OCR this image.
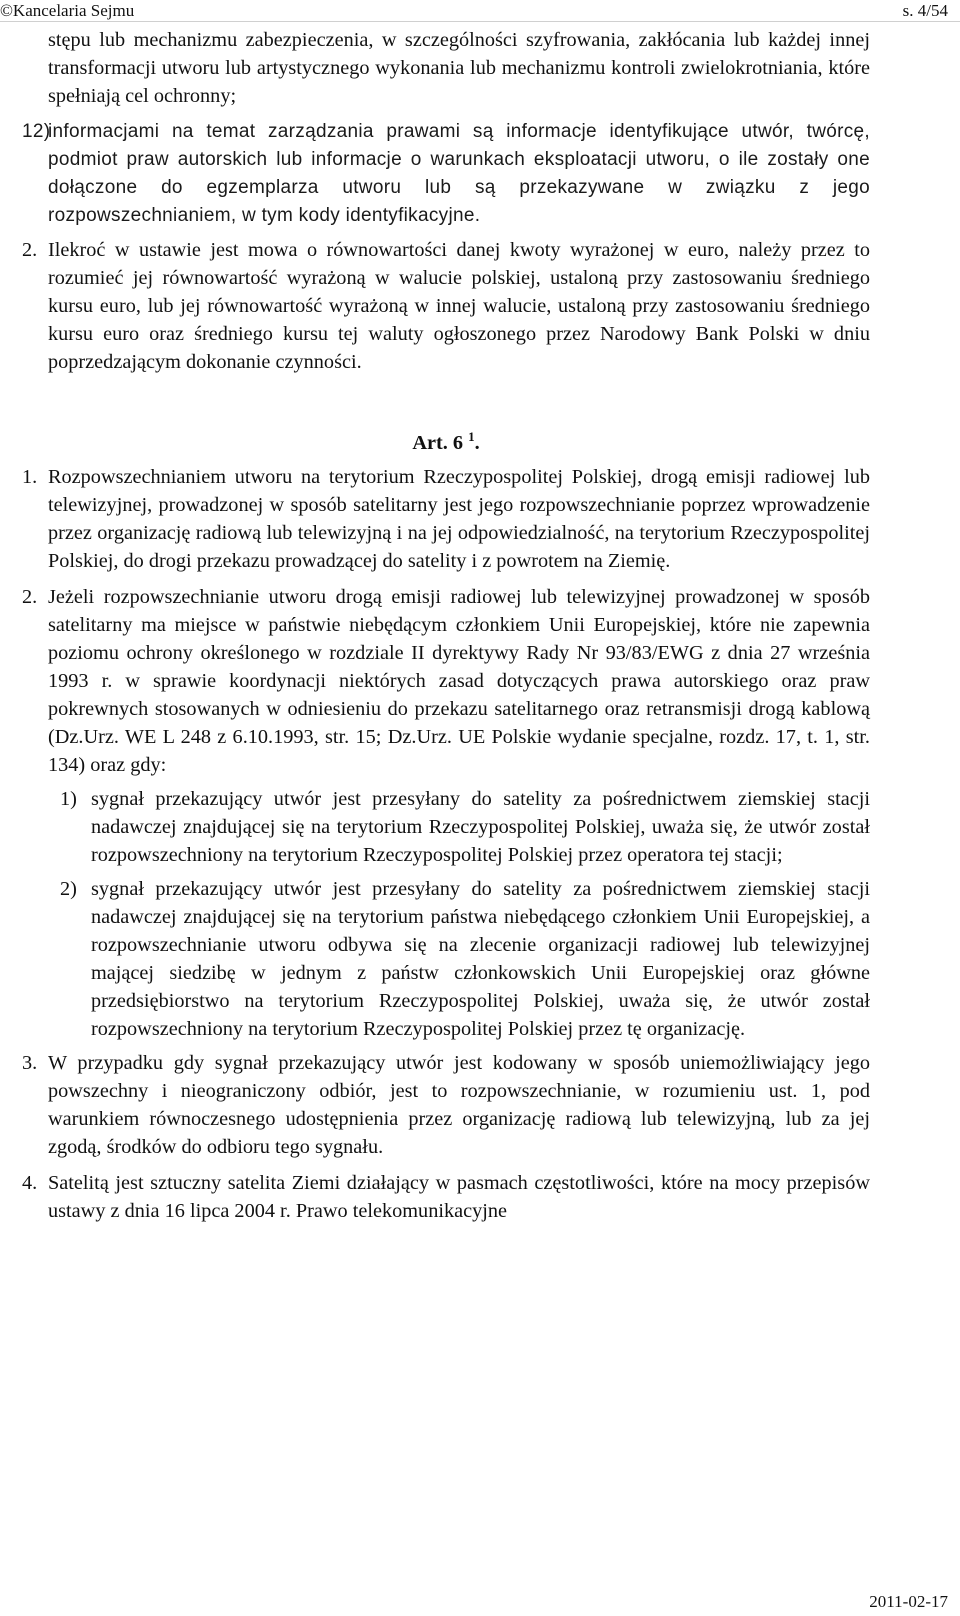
©Kancelaria Sejmu	s. 4/54

stępu lub mechanizmu zabezpieczenia, w szczególności szyfrowania, zakłócania lub każdej innej transformacji utworu lub artystycznego wykonania lub mechanizmu kontroli zwielokrotniania, które spełniają cel ochronny;

12)
informacjami na temat zarządzania prawami są informacje identyfikujące utwór, twórcę, podmiot praw autorskich lub informacje o warunkach eksploatacji utworu, o ile zostały one dołączone do egzemplarza utworu lub są przekazywane w związku z jego rozpowszechnianiem, w tym kody identyfikacyjne.

2. Ilekroć w ustawie jest mowa o równowartości danej kwoty wyrażonej w euro, należy przez to rozumieć jej równowartość wyrażoną w walucie polskiej, ustaloną przy zastosowaniu średniego kursu euro, lub jej równowartość wyrażoną w innej walucie, ustaloną przy zastosowaniu średniego kursu euro oraz średniego kursu tej waluty ogłoszonego przez Narodowy Bank Polski w dniu poprzedzającym dokonanie czynności.

Art. 6 $^1$.

1. Rozpowszechnianiem utworu na terytorium Rzeczypospolitej Polskiej, drogą emisji radiowej lub telewizyjnej, prowadzonej w sposób satelitarny jest jego rozpowszechnianie poprzez wprowadzenie przez organizację radiową lub telewizyjną i na jej odpowiedzialność, na terytorium Rzeczypospolitej Polskiej, do drogi przekazu prowadzącej do satelity i z powrotem na Ziemię.

2. Jeżeli rozpowszechnianie utworu drogą emisji radiowej lub telewizyjnej prowadzonej w sposób satelitarny ma miejsce w państwie niebędącym członkiem Unii Europejskiej, które nie zapewnia poziomu ochrony określonego w rozdziale II dyrektywy Rady Nr 93/83/EWG z dnia 27 września 1993 r. w sprawie koordynacji niektórych zasad dotyczących prawa autorskiego oraz praw pokrewnych stosowanych w odniesieniu do przekazu satelitarnego oraz retransmisji drogą kablową (Dz.Urz. WE L 248 z 6.10.1993, str. 15; Dz.Urz. UE Polskie wydanie specjalne, rozdz. 17, t. 1, str. 134) oraz gdy:

1) sygnał przekazujący utwór jest przesyłany do satelity za pośrednictwem ziemskiej stacji nadawczej znajdującej się na terytorium Rzeczypospolitej Polskiej, uważa się, że utwór został rozpowszechniony na terytorium Rzeczypospolitej Polskiej przez operatora tej stacji;

2) sygnał przekazujący utwór jest przesyłany do satelity za pośrednictwem ziemskiej stacji nadawczej znajdującej się na terytorium państwa niebędącego członkiem Unii Europejskiej, a rozpowszechnianie utworu odbywa się na zlecenie organizacji radiowej lub telewizyjnej mającej siedzibę w jednym z państw członkowskich Unii Europejskiej oraz główne przedsiębiorstwo na terytorium Rzeczypospolitej Polskiej, uważa się, że utwór został rozpowszechniony na terytorium Rzeczypospolitej Polskiej przez tę organizację.

3. W przypadku gdy sygnał przekazujący utwór jest kodowany w sposób uniemożliwiający jego powszechny i nieograniczony odbiór, jest to rozpowszechnianie, w rozumieniu ust. 1, pod warunkiem równoczesnego udostępnienia przez organizację radiową lub telewizyjną, lub za jej zgodą, środków do odbioru tego sygnału.

4. Satelitą jest sztuczny satelita Ziemi działający w pasmach częstotliwości, które na mocy przepisów ustawy z dnia 16 lipca 2004 r. Prawo telekomunikacyjne

2011-02-17
